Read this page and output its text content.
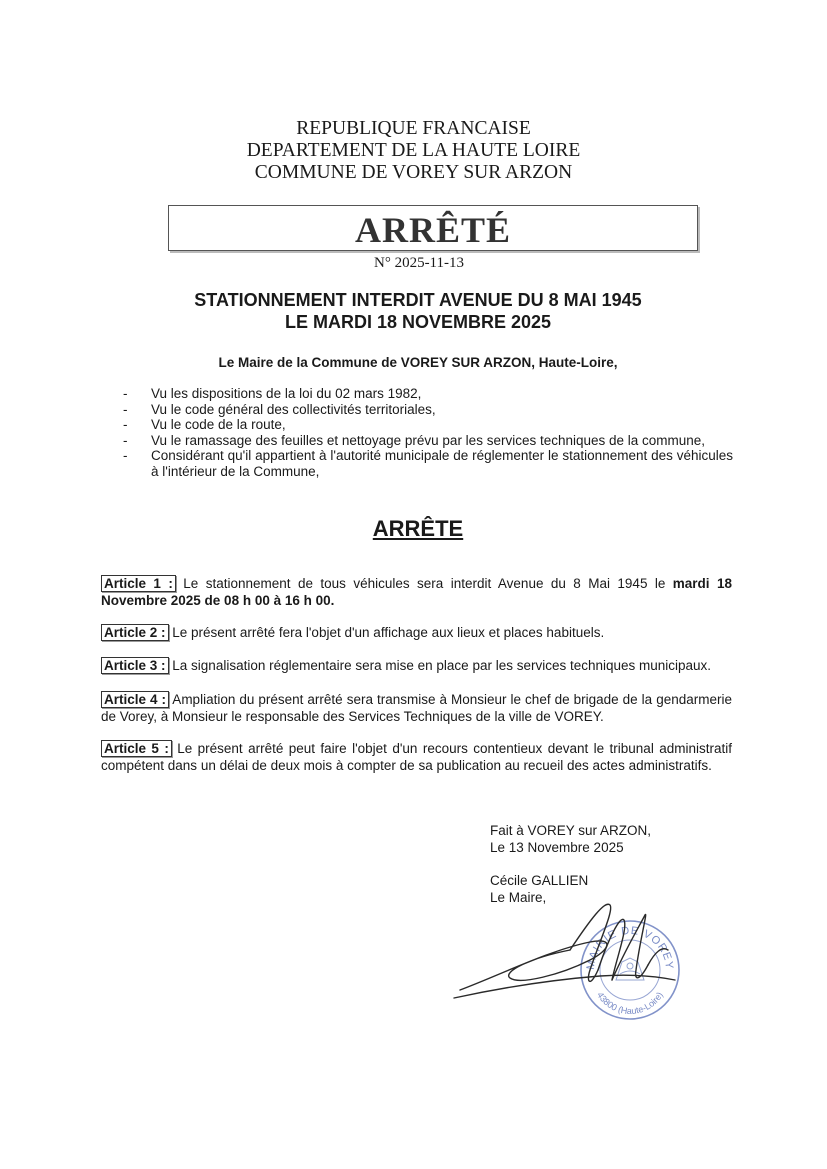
REPUBLIQUE FRANCAISE
DEPARTEMENT DE LA HAUTE LOIRE
COMMUNE DE VOREY SUR ARZON
ARRÊTÉ
N° 2025-11-13
STATIONNEMENT INTERDIT AVENUE DU 8 MAI 1945
LE MARDI 18 NOVEMBRE 2025
Le Maire de la Commune de VOREY SUR ARZON, Haute-Loire,
- Vu les dispositions de la loi du 02 mars 1982,
- Vu le code général des collectivités territoriales,
- Vu le code de la route,
- Vu le ramassage des feuilles et nettoyage prévu par les services techniques de la commune,
- Considérant qu'il appartient à l'autorité municipale de réglementer le stationnement des véhicules à l'intérieur de la Commune,
ARRÊTE
Article 1 : Le stationnement de tous véhicules sera interdit Avenue du 8 Mai 1945 le mardi 18 Novembre 2025 de 08 h 00 à 16 h 00.
Article 2 : Le présent arrêté fera l'objet d'un affichage aux lieux et places habituels.
Article 3 : La signalisation réglementaire sera mise en place par les services techniques municipaux.
Article 4 : Ampliation du présent arrêté sera transmise à Monsieur le chef de brigade de la gendarmerie de Vorey, à Monsieur le responsable des Services Techniques de la ville de VOREY.
Article 5 : Le présent arrêté peut faire l'objet d'un recours contentieux devant le tribunal administratif compétent dans un délai de deux mois à compter de sa publication au recueil des actes administratifs.
Fait à VOREY sur ARZON,
Le 13 Novembre 2025
Cécile GALLIEN
Le Maire,
MAIRIE DE VOREY
43800 (Haute-Loire)
